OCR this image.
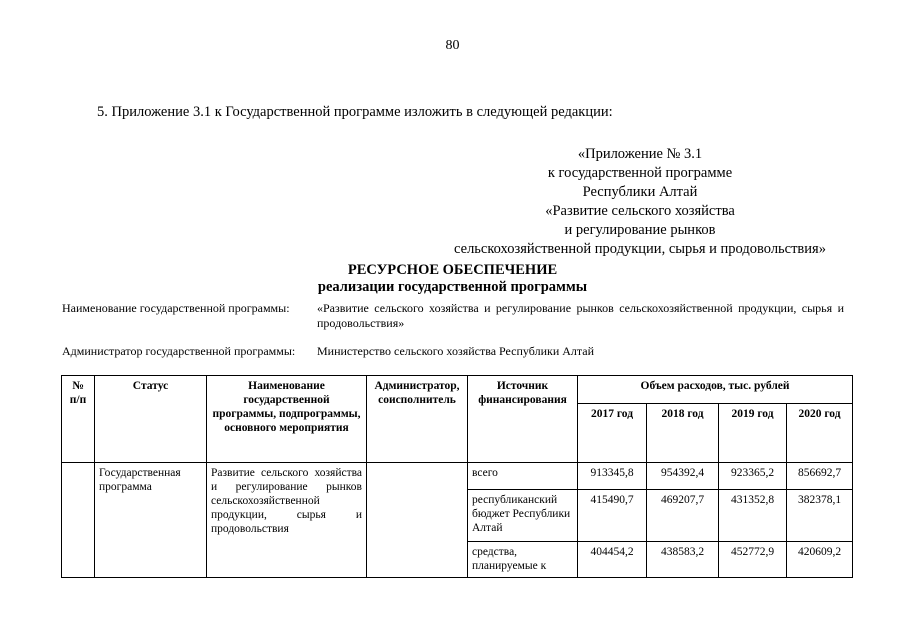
80
5. Приложение 3.1 к Государственной программе изложить в следующей редакции:
«Приложение № 3.1
к государственной программе
Республики Алтай
«Развитие сельского хозяйства
и регулирование рынков
сельскохозяйственной продукции, сырья и продовольствия»
РЕСУРСНОЕ ОБЕСПЕЧЕНИЕ
реализации государственной программы
Наименование государственной программы: «Развитие сельского хозяйства и регулирование рынков сельскохозяйственной продукции, сырья и продовольствия»
Администратор государственной программы: Министерство сельского хозяйства Республики Алтай
№ п/п	Статус	Наименование государственной программы, подпрограммы, основного мероприятия	Администратор, соисполнитель	Источник финансирования	Объем расходов, тыс. рублей			
					2017 год	2018 год	2019 год	2020 год
	Государственная программа	Развитие сельского хозяйства и регулирование рынков сельскохозяйственной продукции, сырья и продовольствия		всего	913345,8	954392,4	923365,2	856692,7
				республиканский бюджет Республики Алтай	415490,7	469207,7	431352,8	382378,1
				средства, планируемые к	404454,2	438583,2	452772,9	420609,2
